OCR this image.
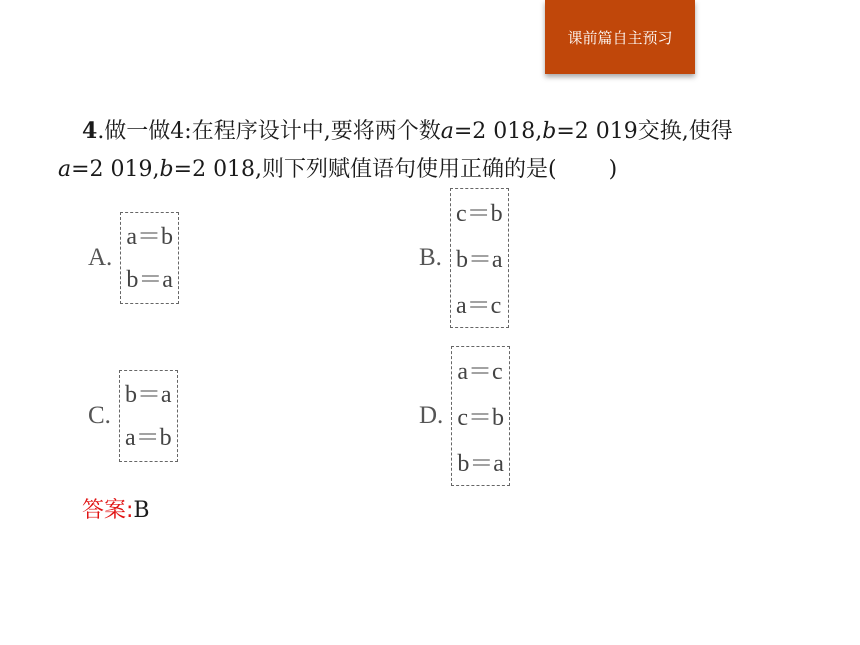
课前篇自主预习
4.做一做4:在程序设计中,要将两个数a=2 018,b=2 019交换,使得
a=2 019,b=2 018,则下列赋值语句使用正确的是( )
A.
a＝b
b＝a
B.
c＝b
b＝a
a＝c
C.
b＝a
a＝b
D.
a＝c
c＝b
b＝a
答案:B
